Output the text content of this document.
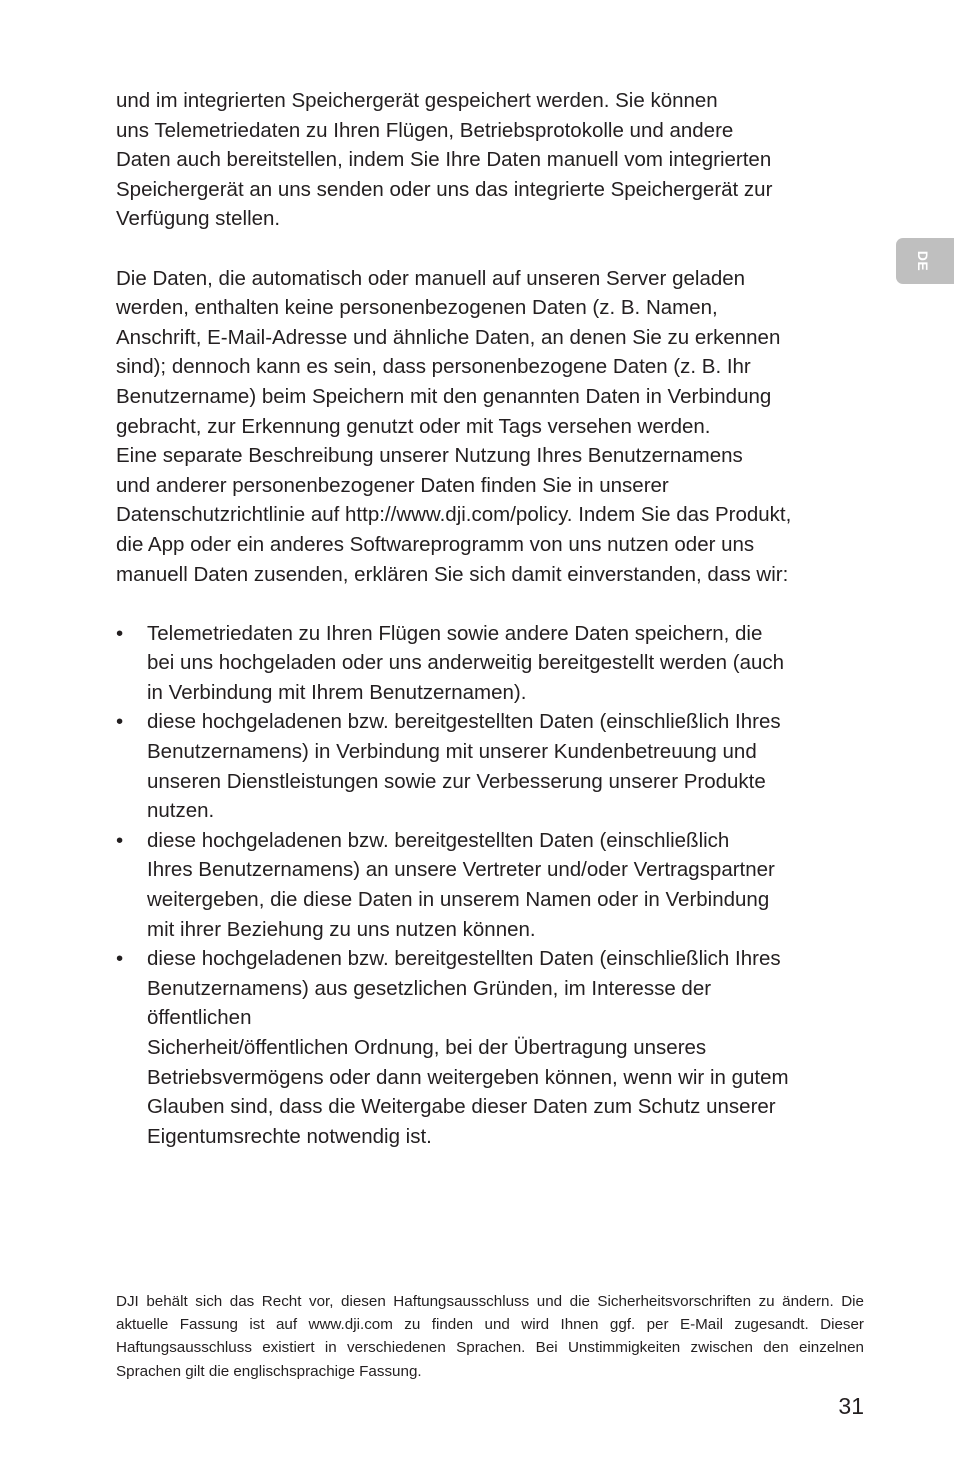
DE

und im integrierten Speichergerät gespeichert werden. Sie können
uns Telemetriedaten zu Ihren Flügen, Betriebsprotokolle und andere
Daten auch bereitstellen, indem Sie Ihre Daten manuell vom integrierten
Speichergerät an uns senden oder uns das integrierte Speichergerät zur
Verfügung stellen.

Die Daten, die automatisch oder manuell auf unseren Server geladen
werden, enthalten keine personenbezogenen Daten (z. B. Namen,
Anschrift, E-Mail-Adresse und ähnliche Daten, an denen Sie zu erkennen
sind); dennoch kann es sein, dass personenbezogene Daten (z. B. Ihr
Benutzername) beim Speichern mit den genannten Daten in Verbindung
gebracht, zur Erkennung genutzt oder mit Tags versehen werden.
Eine separate Beschreibung unserer Nutzung Ihres Benutzernamens
und anderer personenbezogener Daten finden Sie in unserer
Datenschutzrichtlinie auf http://www.dji.com/policy. Indem Sie das Produkt,
die App oder ein anderes Softwareprogramm von uns nutzen oder uns
manuell Daten zusenden, erklären Sie sich damit einverstanden, dass wir:

• Telemetriedaten zu Ihren Flügen sowie andere Daten speichern, die
bei uns hochgeladen oder uns anderweitig bereitgestellt werden (auch
in Verbindung mit Ihrem Benutzernamen).
• diese hochgeladenen bzw. bereitgestellten Daten (einschließlich Ihres
Benutzernamens) in Verbindung mit unserer Kundenbetreuung und
unseren Dienstleistungen sowie zur Verbesserung unserer Produkte
nutzen.
• diese hochgeladenen bzw. bereitgestellten Daten (einschließlich
Ihres Benutzernamens) an unsere Vertreter und/oder Vertragspartner
weitergeben, die diese Daten in unserem Namen oder in Verbindung
mit ihrer Beziehung zu uns nutzen können.
• diese hochgeladenen bzw. bereitgestellten Daten (einschließlich Ihres
Benutzernamens) aus gesetzlichen Gründen, im Interesse der
öffentlichen
Sicherheit/öffentlichen Ordnung, bei der Übertragung unseres
Betriebsvermögens oder dann weitergeben können, wenn wir in gutem
Glauben sind, dass die Weitergabe dieser Daten zum Schutz unserer
Eigentumsrechte notwendig ist.
DJI behält sich das Recht vor, diesen Haftungsausschluss und die Sicherheitsvorschriften zu ändern. Die aktuelle Fassung ist auf www.dji.com zu finden und wird Ihnen ggf. per E-Mail zugesandt. Dieser Haftungsausschluss existiert in verschiedenen Sprachen. Bei Unstimmigkeiten zwischen den einzelnen Sprachen gilt die englischsprachige Fassung.
31
